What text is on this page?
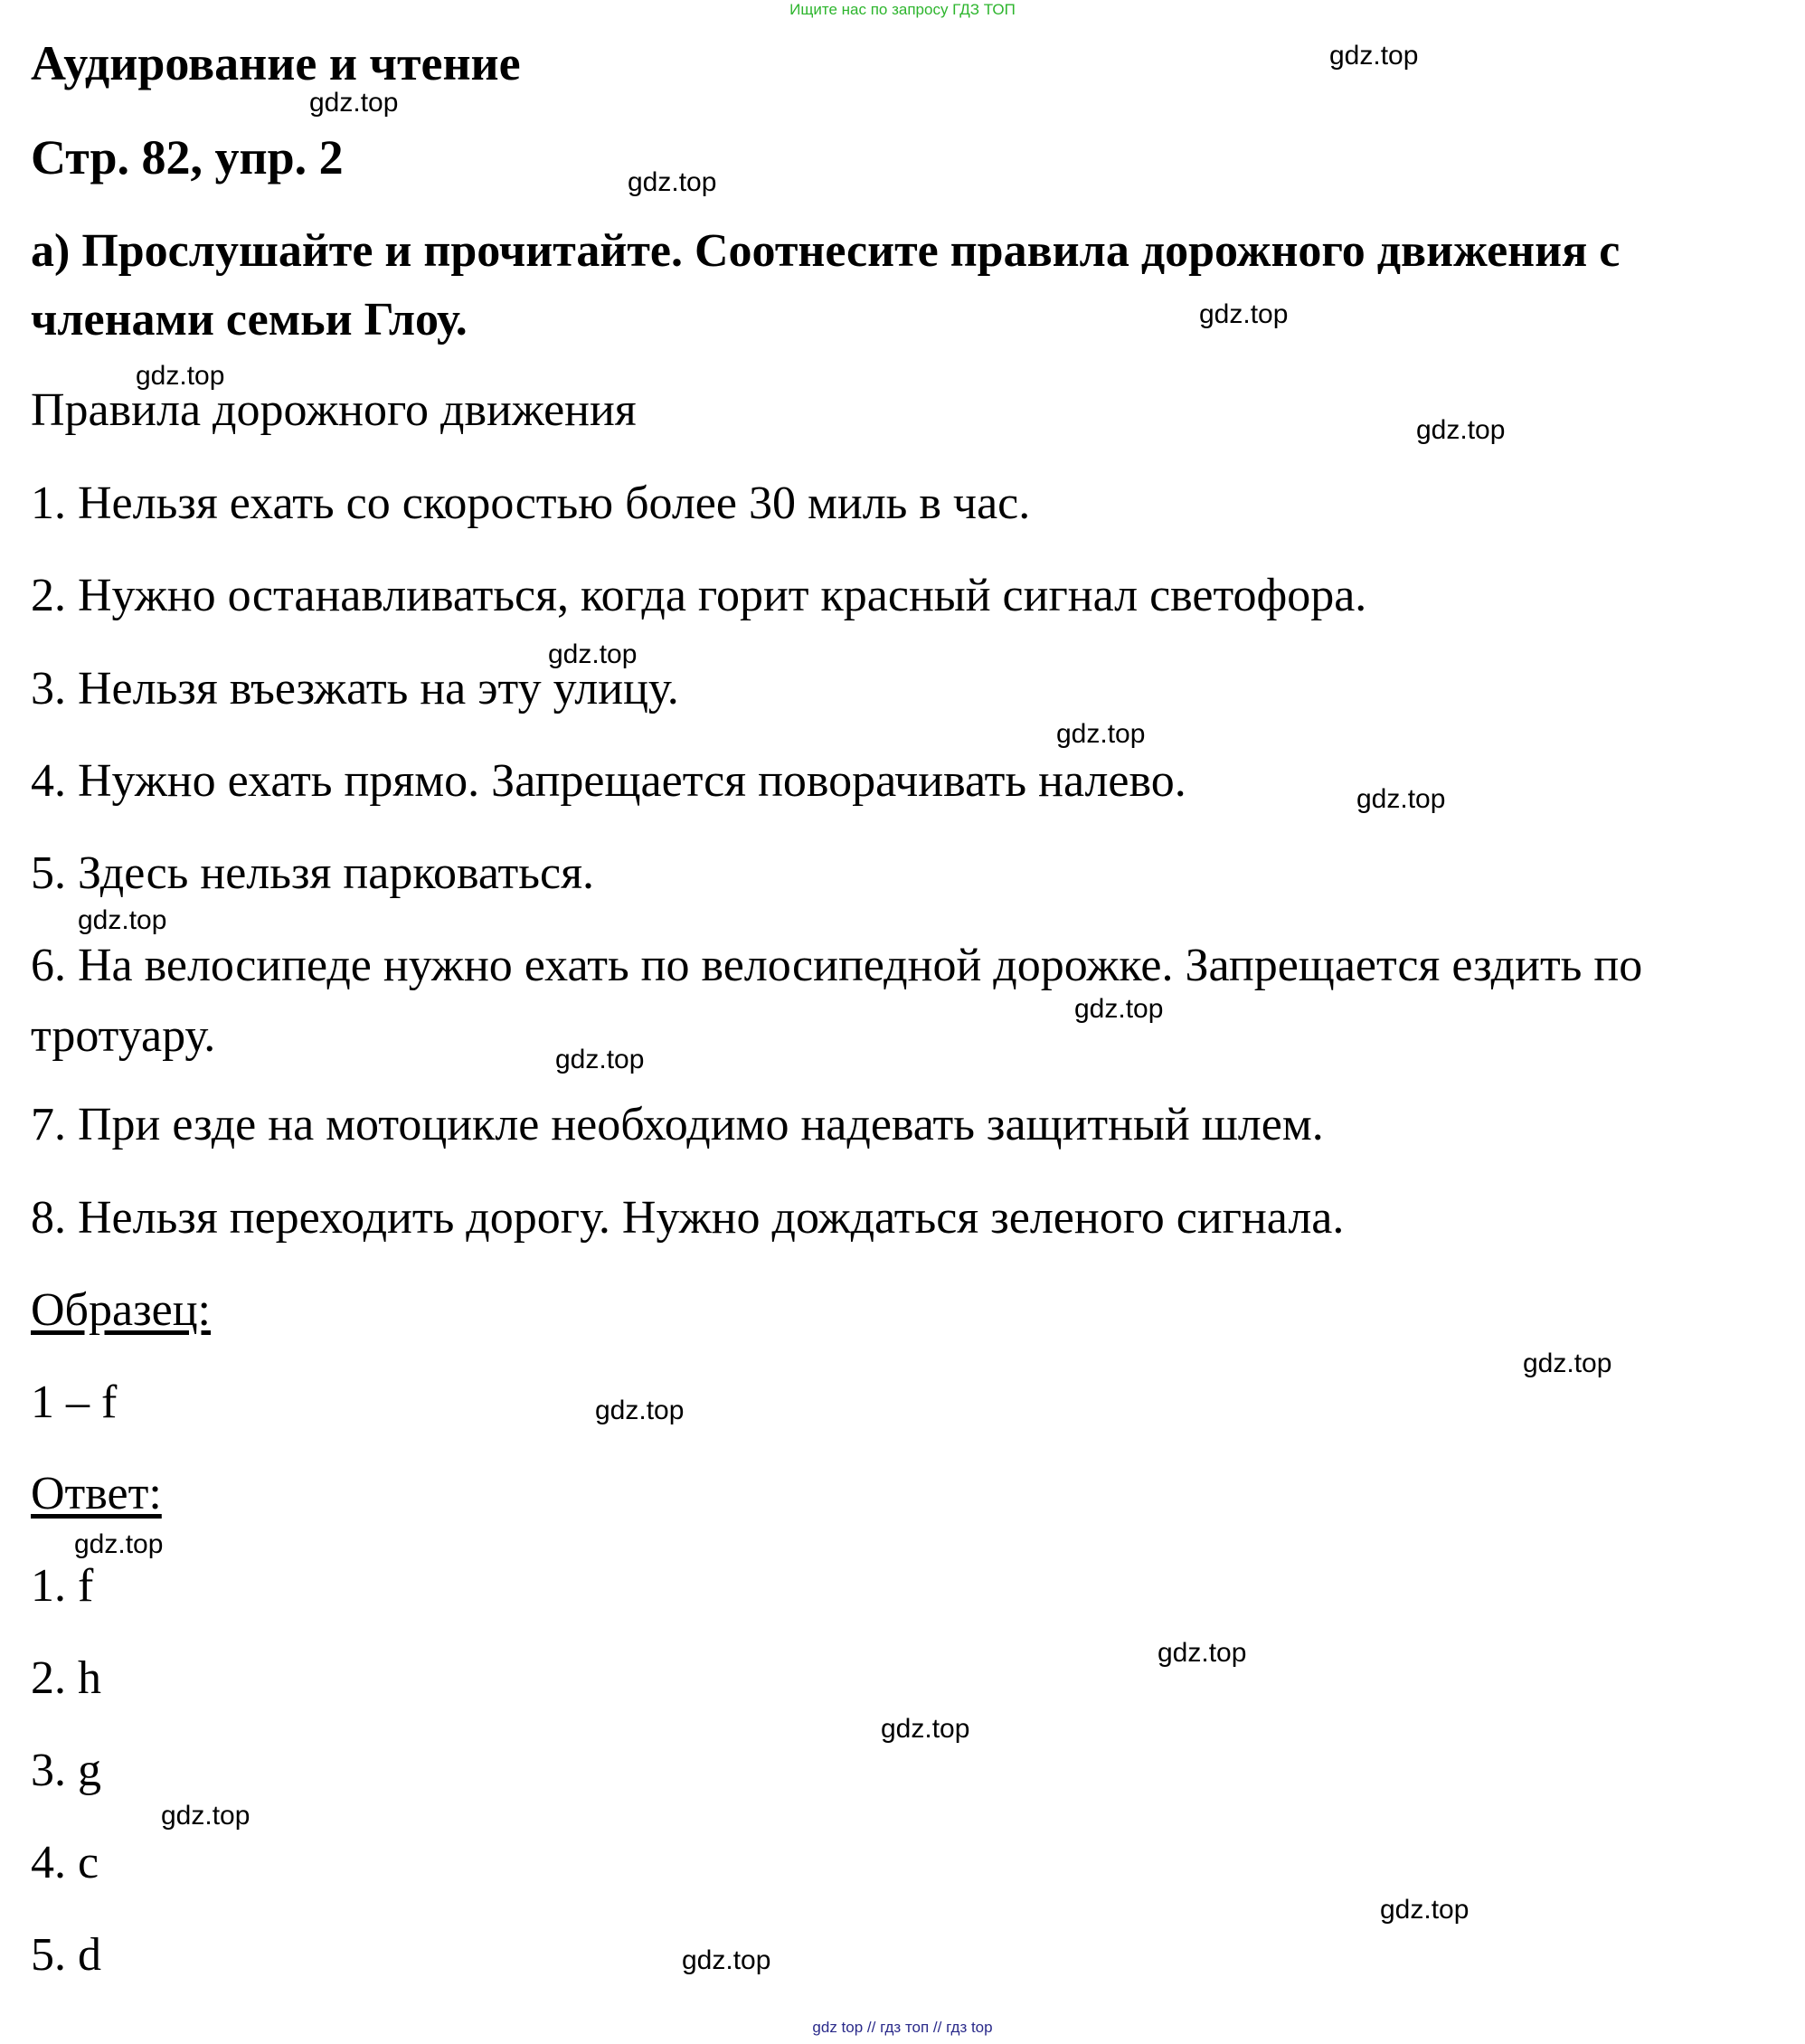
Ищите нас по запросу ГДЗ ТОП
Аудирование и чтение
Стр. 82, упр. 2

a) Прослушайте и прочитайте. Соотнесите правила дорожного движения с членами семьи Глоу.

Правила дорожного движения

1. Нельзя ехать со скоростью более 30 миль в час.

2. Нужно останавливаться, когда горит красный сигнал светофора.

3. Нельзя въезжать на эту улицу.

4. Нужно ехать прямо. Запрещается поворачивать налево.

5. Здесь нельзя парковаться.

6. На велосипеде нужно ехать по велосипедной дорожке. Запрещается ездить по тротуару.

7. При езде на мотоцикле необходимо надевать защитный шлем.

8. Нельзя переходить дорогу. Нужно дождаться зеленого сигнала.

Образец:

1 – f

Ответ:

1. f

2. h

3. g

4. c

5. d

gdz.top
gdz.top
gdz.top
gdz.top
gdz.top
gdz.top
gdz.top
gdz.top
gdz.top
gdz.top
gdz.top
gdz.top
gdz.top
gdz.top
gdz.top
gdz.top
gdz.top
gdz.top
gdz.top
gdz.top
gdz top // гдз топ // гдз top
